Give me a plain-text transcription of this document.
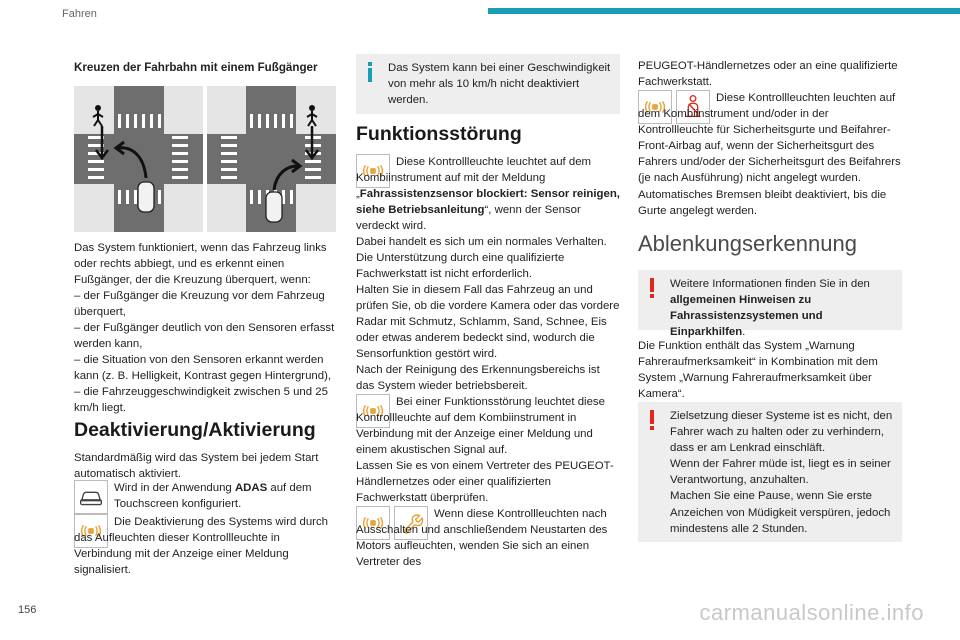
Fahren
156	carmanualsonline.info
Kreuzen der Fahrbahn mit einem Fußgänger
Das System funktioniert, wenn das Fahrzeug links oder rechts abbiegt, und es erkennt einen Fußgänger, der die Kreuzung überquert, wenn:
– der Fußgänger die Kreuzung vor dem Fahrzeug überquert,
– der Fußgänger deutlich von den Sensoren erfasst werden kann,
– die Situation von den Sensoren erkannt werden kann (z. B. Helligkeit, Kontrast gegen Hintergrund),
– die Fahrzeuggeschwindigkeit zwischen 5 und 25 km/h liegt.
Deaktivierung/Aktivierung
Standardmäßig wird das System bei jedem Start automatisch aktiviert.
Wird in der Anwendung ADAS auf dem Touchscreen konfiguriert.
Die Deaktivierung des Systems wird durch das Aufleuchten dieser Kontrollleuchte in Verbindung mit der Anzeige einer Meldung signalisiert.
Das System kann bei einer Geschwindigkeit von mehr als 10 km/h nicht deaktiviert werden.
Funktionsstörung
Diese Kontrollleuchte leuchtet auf dem Kombiinstrument auf mit der Meldung „Fahrassistenzsensor blockiert: Sensor reinigen, siehe Betriebsanleitung“, wenn der Sensor verdeckt wird.
Dabei handelt es sich um ein normales Verhalten. Die Unterstützung durch eine qualifizierte Fachwerkstatt ist nicht erforderlich.
Halten Sie in diesem Fall das Fahrzeug an und prüfen Sie, ob die vordere Kamera oder das vordere Radar mit Schmutz, Schlamm, Sand, Schnee, Eis oder etwas anderem bedeckt sind, wodurch die Sensorfunktion gestört wird.
Nach der Reinigung des Erkennungsbereichs ist das System wieder betriebsbereit.
Bei einer Funktionsstörung leuchtet diese Kontrollleuchte auf dem Kombiinstrument in Verbindung mit der Anzeige einer Meldung und einem akustischen Signal auf.
Lassen Sie es von einem Vertreter des PEUGEOT-Händlernetzes oder einer qualifizierten Fachwerkstatt überprüfen.
Wenn diese Kontrollleuchten nach Ausschalten und anschließendem Neustarten des Motors aufleuchten, wenden Sie sich an einen Vertreter des
PEUGEOT-Händlernetzes oder an eine qualifizierte Fachwerkstatt.
Diese Kontrollleuchten leuchten auf dem Kombiinstrument und/oder in der Kontrollleuchte für Sicherheitsgurte und Beifahrer-Front-Airbag auf, wenn der Sicherheitsgurt des Fahrers und/oder der Sicherheitsgurt des Beifahrers (je nach Ausführung) nicht angelegt wurden. Automatisches Bremsen bleibt deaktiviert, bis die Gurte angelegt werden.
Ablenkungserkennung
Weitere Informationen finden Sie in den allgemeinen Hinweisen zu Fahrassistenzsystemen und Einparkhilfen.
Die Funktion enthält das System „Warnung Fahreraufmerksamkeit“ in Kombination mit dem System „Warnung Fahreraufmerksamkeit über Kamera“.
Zielsetzung dieser Systeme ist es nicht, den Fahrer wach zu halten oder zu verhindern, dass er am Lenkrad einschläft.
Wenn der Fahrer müde ist, liegt es in seiner Verantwortung, anzuhalten.
Machen Sie eine Pause, wenn Sie erste Anzeichen von Müdigkeit verspüren, jedoch mindestens alle 2 Stunden.
